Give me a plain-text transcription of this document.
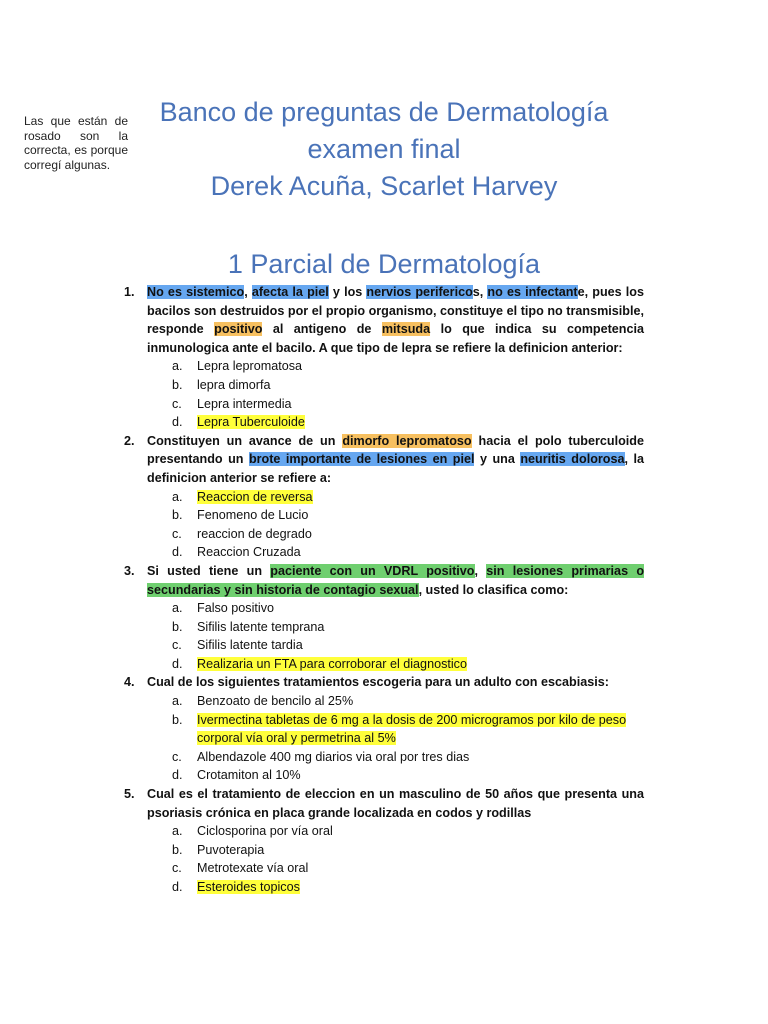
Las que están de rosado son la correcta, es porque corregí algunas.
Banco de preguntas de Dermatología
examen final
Derek Acuña, Scarlet Harvey
1 Parcial de Dermatología
1. No es sistemico, afecta la piel y los nervios perifericos, no es infectante, pues los bacilos son destruidos por el propio organismo, constituye el tipo no transmisible, responde positivo al antigeno de mitsuda lo que indica su competencia inmunologica ante el bacilo. A que tipo de lepra se refiere la definicion anterior:
a. Lepra lepromatosa
b. lepra dimorfa
c. Lepra intermedia
d. Lepra Tuberculoide
2. Constituyen un avance de un dimorfo lepromatoso hacia el polo tuberculoide presentando un brote importante de lesiones en piel y una neuritis dolorosa, la definicion anterior se refiere a:
a. Reaccion de reversa
b. Fenomeno de Lucio
c. reaccion de degrado
d. Reaccion Cruzada
3. Si usted tiene un paciente con un VDRL positivo, sin lesiones primarias o secundarias y sin historia de contagio sexual, usted lo clasifica como:
a. Falso positivo
b. Sifilis latente temprana
c. Sifilis latente tardia
d. Realizaria un FTA para corroborar el diagnostico
4. Cual de los siguientes tratamientos escogeria para un adulto con escabiasis:
a. Benzoato de bencilo al 25%
b. Ivermectina tabletas de 6 mg a la dosis de 200 microgramos por kilo de peso corporal vía oral y permetrina al 5%
c. Albendazole 400 mg diarios via oral por tres dias
d. Crotamiton al 10%
5. Cual es el tratamiento de eleccion en un masculino de 50 años que presenta una psoriasis crónica en placa grande localizada en codos y rodillas
a. Ciclosporina por vía oral
b. Puvoterapia
c. Metrotexate vía oral
d. Esteroides topicos
